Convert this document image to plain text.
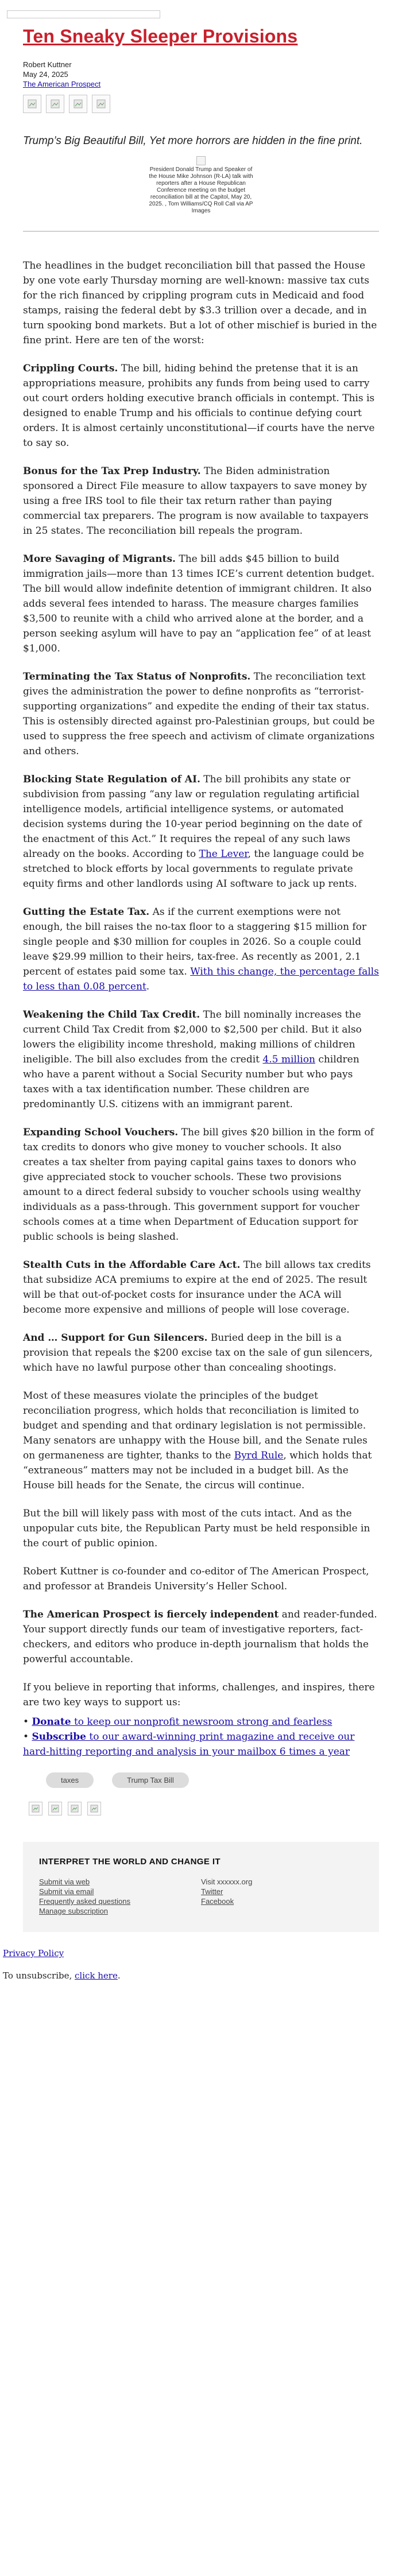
Ten Sneaky Sleeper Provisions
Robert Kuttner
May 24, 2025
The American Prospect
Trump’s Big Beautiful Bill, Yet more horrors are hidden in the fine print.
President Donald Trump and Speaker of the House Mike Johnson (R-LA) talk with reporters after a House Republican Conference meeting on the budget reconciliation bill at the Capitol, May 20, 2025. , Tom Williams/CQ Roll Call via AP Images

The headlines in the budget reconciliation bill that passed the House by one vote early Thursday morning are well-known: massive tax cuts for the rich financed by crippling program cuts in Medicaid and food stamps, raising the federal debt by $3.3 trillion over a decade, and in turn spooking bond markets. But a lot of other mischief is buried in the fine print. Here are ten of the worst:

Crippling Courts. The bill, hiding behind the pretense that it is an appropriations measure, prohibits any funds from being used to carry out court orders holding executive branch officials in contempt. This is designed to enable Trump and his officials to continue defying court orders. It is almost certainly unconstitutional—if courts have the nerve to say so.

Bonus for the Tax Prep Industry. The Biden administration sponsored a Direct File measure to allow taxpayers to save money by using a free IRS tool to file their tax return rather than paying commercial tax preparers. The program is now available to taxpayers in 25 states. The reconciliation bill repeals the program.

More Savaging of Migrants. The bill adds $45 billion to build immigration jails—more than 13 times ICE’s current detention budget. The bill would allow indefinite detention of immigrant children. It also adds several fees intended to harass. The measure charges families $3,500 to reunite with a child who arrived alone at the border, and a person seeking asylum will have to pay an “application fee” of at least $1,000.

Terminating the Tax Status of Nonprofits. The reconciliation text gives the administration the power to define nonprofits as “terrorist-supporting organizations” and expedite the ending of their tax status. This is ostensibly directed against pro-Palestinian groups, but could be used to suppress the free speech and activism of climate organizations and others.

Blocking State Regulation of AI. The bill prohibits any state or subdivision from passing “any law or regulation regulating artificial intelligence models, artificial intelligence systems, or automated decision systems during the 10-year period beginning on the date of the enactment of this Act.” It requires the repeal of any such laws already on the books. According to The Lever, the language could be stretched to block efforts by local governments to regulate private equity firms and other landlords using AI software to jack up rents.

Gutting the Estate Tax. As if the current exemptions were not enough, the bill raises the no-tax floor to a staggering $15 million for single people and $30 million for couples in 2026. So a couple could leave $29.99 million to their heirs, tax-free. As recently as 2001, 2.1 percent of estates paid some tax. With this change, the percentage falls to less than 0.08 percent.

Weakening the Child Tax Credit. The bill nominally increases the current Child Tax Credit from $2,000 to $2,500 per child. But it also lowers the eligibility income threshold, making millions of children ineligible. The bill also excludes from the credit 4.5 million children who have a parent without a Social Security number but who pays taxes with a tax identification number. These children are predominantly U.S. citizens with an immigrant parent.

Expanding School Vouchers. The bill gives $20 billion in the form of tax credits to donors who give money to voucher schools. It also creates a tax shelter from paying capital gains taxes to donors who give appreciated stock to voucher schools. These two provisions amount to a direct federal subsidy to voucher schools using wealthy individuals as a pass-through. This government support for voucher schools comes at a time when Department of Education support for public schools is being slashed.

Stealth Cuts in the Affordable Care Act. The bill allows tax credits that subsidize ACA premiums to expire at the end of 2025. The result will be that out-of-pocket costs for insurance under the ACA will become more expensive and millions of people will lose coverage.

And … Support for Gun Silencers. Buried deep in the bill is a provision that repeals the $200 excise tax on the sale of gun silencers, which have no lawful purpose other than concealing shootings.

Most of these measures violate the principles of the budget reconciliation progress, which holds that reconciliation is limited to budget and spending and that ordinary legislation is not permissible. Many senators are unhappy with the House bill, and the Senate rules on germaneness are tighter, thanks to the Byrd Rule, which holds that “extraneous” matters may not be included in a budget bill. As the House bill heads for the Senate, the circus will continue.

But the bill will likely pass with most of the cuts intact. And as the unpopular cuts bite, the Republican Party must be held responsible in the court of public opinion.

Robert Kuttner is co-founder and co-editor of The American Prospect, and professor at Brandeis University’s Heller School.

The American Prospect is fiercely independent and reader-funded. Your support directly funds our team of investigative reporters, fact-checkers, and editors who produce in-depth journalism that holds the powerful accountable.

If you believe in reporting that informs, challenges, and inspires, there are two key ways to support us:

• Donate to keep our nonprofit newsroom strong and fearless

• Subscribe to our award-winning print magazine and receive our hard-hitting reporting and analysis in your mailbox 6 times a year

taxes	Trump Tax Bill
INTERPRET THE WORLD AND CHANGE IT
Submit via web
Submit via email
Frequently asked questions
Manage subscription
Visit xxxxxx.org
Twitter
Facebook
Privacy Policy
To unsubscribe, click here.
